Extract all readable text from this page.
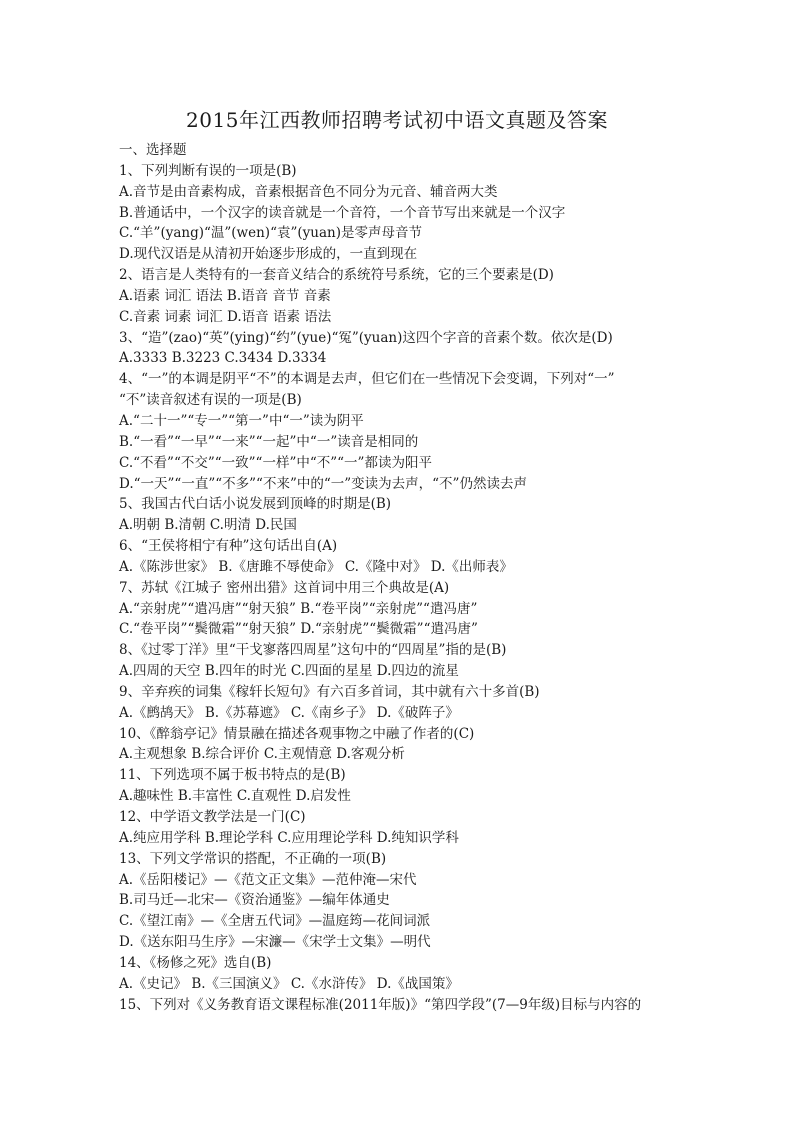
2015年江西教师招聘考试初中语文真题及答案
一、选择题
1、下列判断有误的一项是(B)
A.音节是由音素构成，音素根据音色不同分为元音、辅音两大类
B.普通话中，一个汉字的读音就是一个音符，一个音节写出来就是一个汉字
C.“羊”(yang)“温”(wen)“袁”(yuan)是零声母音节
D.现代汉语是从清初开始逐步形成的，一直到现在
2、语言是人类特有的一套音义结合的系统符号系统，它的三个要素是(D)
A.语素 词汇 语法 B.语音 音节 音素
C.音素 词素 词汇 D.语音 语素 语法
3、“造”(zao)“英”(ying)“约”(yue)“冤”(yuan)这四个字音的音素个数。依次是(D)
A.3333 B.3223 C.3434 D.3334
4、“一”的本调是阴平“不”的本调是去声，但它们在一些情况下会变调，下列对“一”
“不”读音叙述有误的一项是(B)
A.“二十一”“专一”“第一”中“一”读为阴平
B.“一看”“一早”“一来”“一起”中“一”读音是相同的
C.“不看”“不交”“一致”“一样”中“不”“一”都读为阳平
D.“一天”“一直”“不多”“不来”中的“一”变读为去声，“不”仍然读去声
5、我国古代白话小说发展到顶峰的时期是(B)
A.明朝 B.清朝 C.明清 D.民国
6、“王侯将相宁有种”这句话出自(A)
A.《陈涉世家》 B.《唐雎不辱使命》 C.《隆中对》 D.《出师表》
7、苏轼《江城子 密州出猎》这首词中用三个典故是(A)
A.“亲射虎”“遣冯唐”“射天狼” B.“卷平岗”“亲射虎”“遣冯唐”
C.“卷平岗”“鬓微霜”“射天狼” D.“亲射虎”“鬓微霜”“遣冯唐”
8、《过零丁洋》里“干戈寥落四周星”这句中的“四周星”指的是(B)
A.四周的天空 B.四年的时光 C.四面的星星 D.四边的流星
9、辛弃疾的词集《稼轩长短句》有六百多首词，其中就有六十多首(B)
A.《鹧鸪天》 B.《苏幕遮》 C.《南乡子》 D.《破阵子》
10、《醉翁亭记》情景融在描述各观事物之中融了作者的(C)
A.主观想象 B.综合评价 C.主观情意 D.客观分析
11、下列选项不属于板书特点的是(B)
A.趣味性 B.丰富性 C.直观性 D.启发性
12、中学语文教学法是一门(C)
A.纯应用学科 B.理论学科 C.应用理论学科 D.纯知识学科
13、下列文学常识的搭配，不正确的一项(B)
A.《岳阳楼记》—《范文正文集》—范仲淹—宋代
B.司马迁—北宋—《资治通鉴》—编年体通史
C.《望江南》—《全唐五代词》—温庭筠—花间词派
D.《送东阳马生序》—宋濂—《宋学士文集》—明代
14、《杨修之死》选自(B)
A.《史记》 B.《三国演义》 C.《水浒传》 D.《战国策》
15、下列对《义务教育语文课程标准(2011年版)》“第四学段”(7—9年级)目标与内容的
